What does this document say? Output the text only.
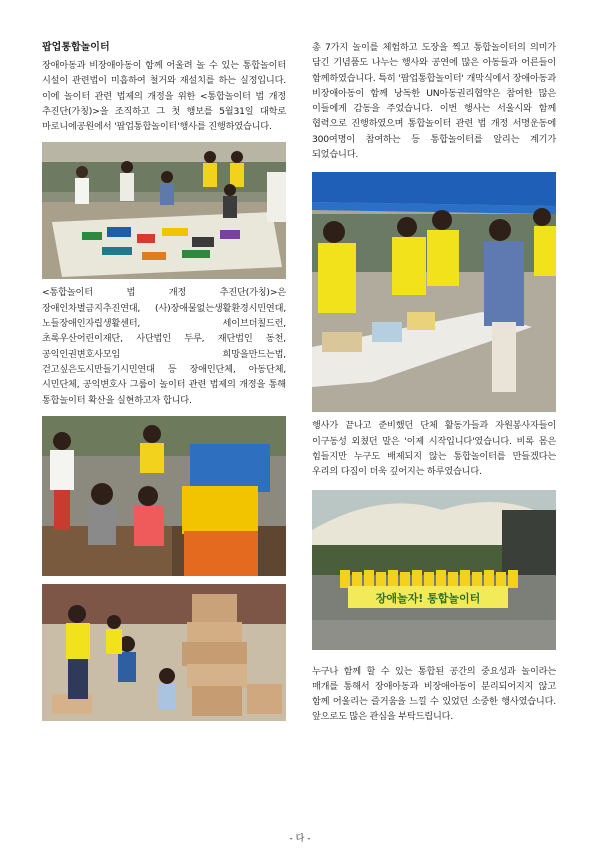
팝업통합놀이터

장애아동과 비장애아동이 함께 어울려 놀 수 있는 통합놀이터 시설이 관련법이 미흡하여 철거와 재설치를 하는 실정입니다. 이에 놀이터 관련 법제의 개정을 위한 <통합놀이터 법 개정 추진단(가칭)>을 조직하고 그 첫 행보를 5월31일 대학로 마로니에공원에서 '팝업통합놀이터'행사를 진행하였습니다.

<통합놀이터 법 개정 추진단(가칭)>은 장애인차별금지추진연대, (사)장애물없는생활환경시민연대, 노들장애인자립생활센터, 세이브더칠드런, 초록우산어린이재단, 사단법인 두루, 재단법인 동천, 공익인권변호사모임 희망을만드는법, 걷고싶은도시만들기시민연대 등 장애인단체, 아동단체, 시민단체, 공익변호사 그룹이 놀이터 관련 법제의 개정을 통해 통합놀이터 확산을 실현하고자 합니다.

총 7가지 놀이를 체험하고 도장을 찍고 통합놀이터의 의미가 담긴 기념품도 나누는 행사와 공연에 많은 아동들과 어른들이 함께하였습니다. 특히 '팝업통합놀이터' 개막식에서 장애아동과 비장애아동이 함께 낭독한 UN아동권리협약은 참여한 많은 이들에게 감동을 주었습니다. 이번 행사는 서울시와 함께 협력으로 진행하였으며 통합놀이터 관련 법 개정 서명운동에 300여명이 참여하는 등 통합놀이터를 알리는 계기가 되었습니다.

행사가 끝나고 준비했던 단체 활동가들과 자원봉사자들이 이구동성 외쳤던 말은 '이제 시작입니다'였습니다. 비록 몸은 힘들지만 누구도 배제되지 않는 통합놀이터를 만들겠다는 우리의 다짐이 더욱 깊어지는 하루였습니다.

장애놀자! 통합놀이터

누구나 함께 할 수 있는 통합된 공간의 중요성과 놀이라는 매개를 통해서 장애아동과 비장애아동이 분리되어지지 않고 함께 어울리는 즐거움을 느낄 수 있었던 소중한 행사였습니다. 앞으로도 많은 관심을 부탁드립니다.

- 다 -
